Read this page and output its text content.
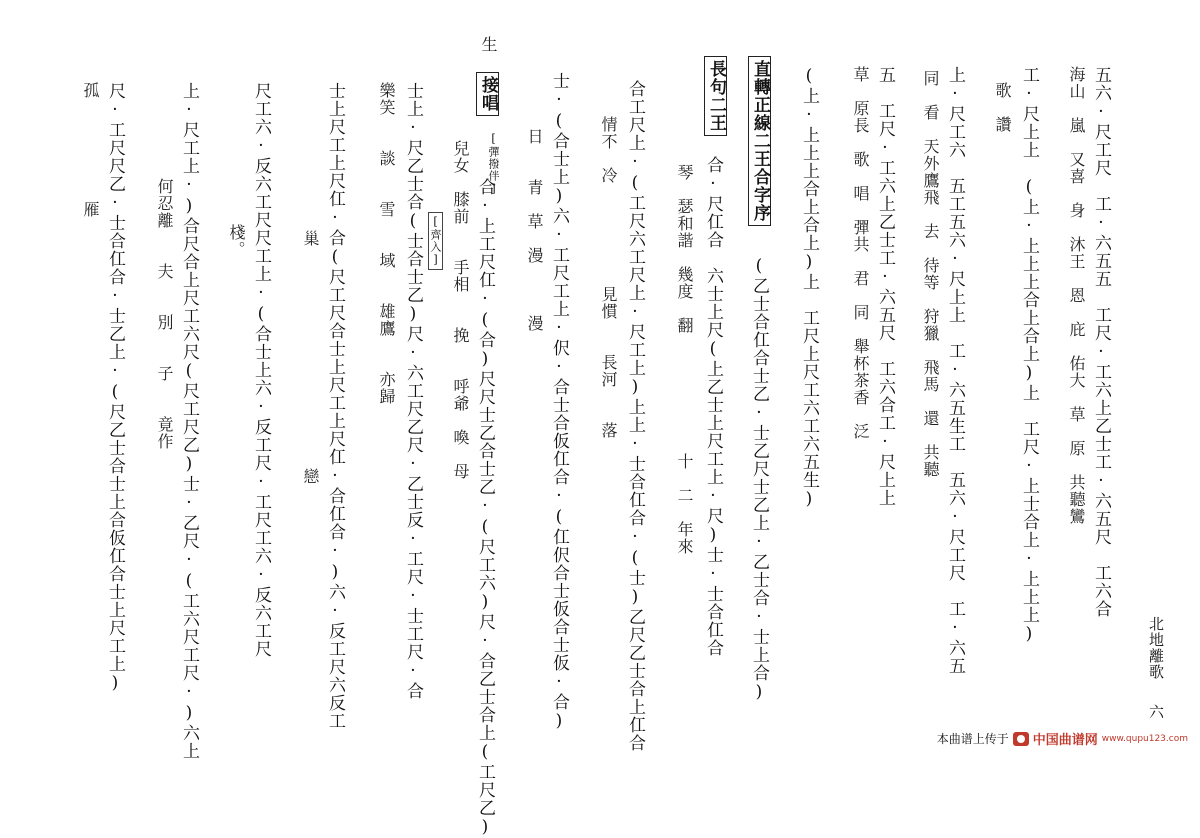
北地離歌
六
五六·尺工尺　工·六五五　工尺·工六上乙士工·六五尺　工六合
海山　嵐　又喜　身　沐王　恩　庇　佑大　草　原　共聽鸞
工·尺上上　(上·上上上合上合上)上　工尺·上士合上·上上上)
歌　讚
上·尺工六　五工五六·尺上上　工·六五生工　五六·尺工尺　工·六五
同　看　天外鷹飛　去　待等　狩獵　飛馬　還　共聽
五　工尺·工六上乙士工·六五尺　工六合工·尺上上
草　原長　歌　唱　彈共　君　同　舉杯茶香　泛
(上·上上上合上合上)上　工尺上尺工六工六五生)
直轉正線二王合字序
(乙士合仜合士乙·士乙尺士乙上·乙士合·士上合)
長句二王
合·尺仜合　六士上尺(上乙士上尺工上·尺)士·士合仜合
琴　瑟和諧　幾度　翻　　　　　　　十　二　年來
合工尺上·(工尺六工尺上·尺工上)上上·士合仜合·(士)乙尺乙士合上仜合
情不　冷　　　　　　見慣　　長河　　落
士·(合士上)六·工尺工上·伬·合士合仮仜合·(仜伬合士仮合士仮·合)
日　　青　草　漫　　　漫
生
接唱
[彈撥伴]
合·上工尺仜·(合)尺尺士乙合士乙·(尺工六)尺·合乙士合上(工尺乙)
兒女　膝前　　手相　　挽　　呼爺　喚　母
[齊入]
士上·尺乙士合(士合士乙)尺·六工尺乙尺·乙士反·工尺·士工尺·合
樂笑　　談　　雪　　域　　雄鷹　　亦歸
士上尺工上尺仜·合(尺工尺合士上尺工上尺仜·合仜合·)六·反工尺六反工
巢　　　　　　　　　　　　　戀
尺工六·反六工尺尺工上·(合士上六·反工尺·工尺工六·反六工尺
棧。
上·尺工上·)合尺合上尺工六尺(尺工尺乙)士·乙尺·(工六尺工尺·)六上
何忍離　　夫　　別　　子　　竟作
尺·工尺尺乙·士合仜合·士乙上·(尺乙士合士上合仮仜合士上尺工上)
孤　　　　　　雁
本曲谱上传于 中国曲谱网 www.qupu123.com
